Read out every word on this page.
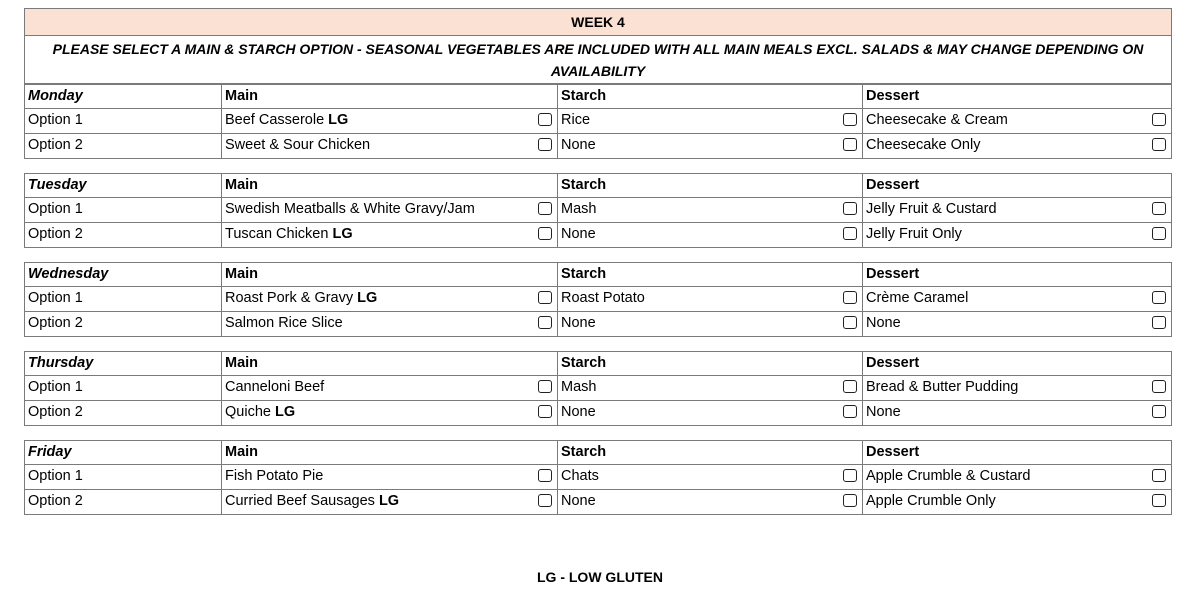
WEEK 4
PLEASE SELECT A MAIN & STARCH OPTION - SEASONAL VEGETABLES ARE INCLUDED WITH ALL MAIN MEALS EXCL. SALADS & MAY CHANGE DEPENDING ON AVAILABILITY
Monday	Main	Starch	Dessert
Option 1	Beef Casserole LG	Rice	Cheesecake & Cream
Option 2	Sweet & Sour Chicken	None	Cheesecake Only
Tuesday	Main	Starch	Dessert
Option 1	Swedish Meatballs & White Gravy/Jam	Mash	Jelly Fruit & Custard
Option 2	Tuscan Chicken LG	None	Jelly Fruit Only
Wednesday	Main	Starch	Dessert
Option 1	Roast Pork & Gravy LG	Roast Potato	Crème Caramel
Option 2	Salmon Rice Slice	None	None
Thursday	Main	Starch	Dessert
Option 1	Canneloni Beef	Mash	Bread & Butter Pudding
Option 2	Quiche LG	None	None
Friday	Main	Starch	Dessert
Option 1	Fish Potato Pie	Chats	Apple Crumble & Custard
Option 2	Curried Beef Sausages LG	None	Apple Crumble Only
LG - LOW GLUTEN
